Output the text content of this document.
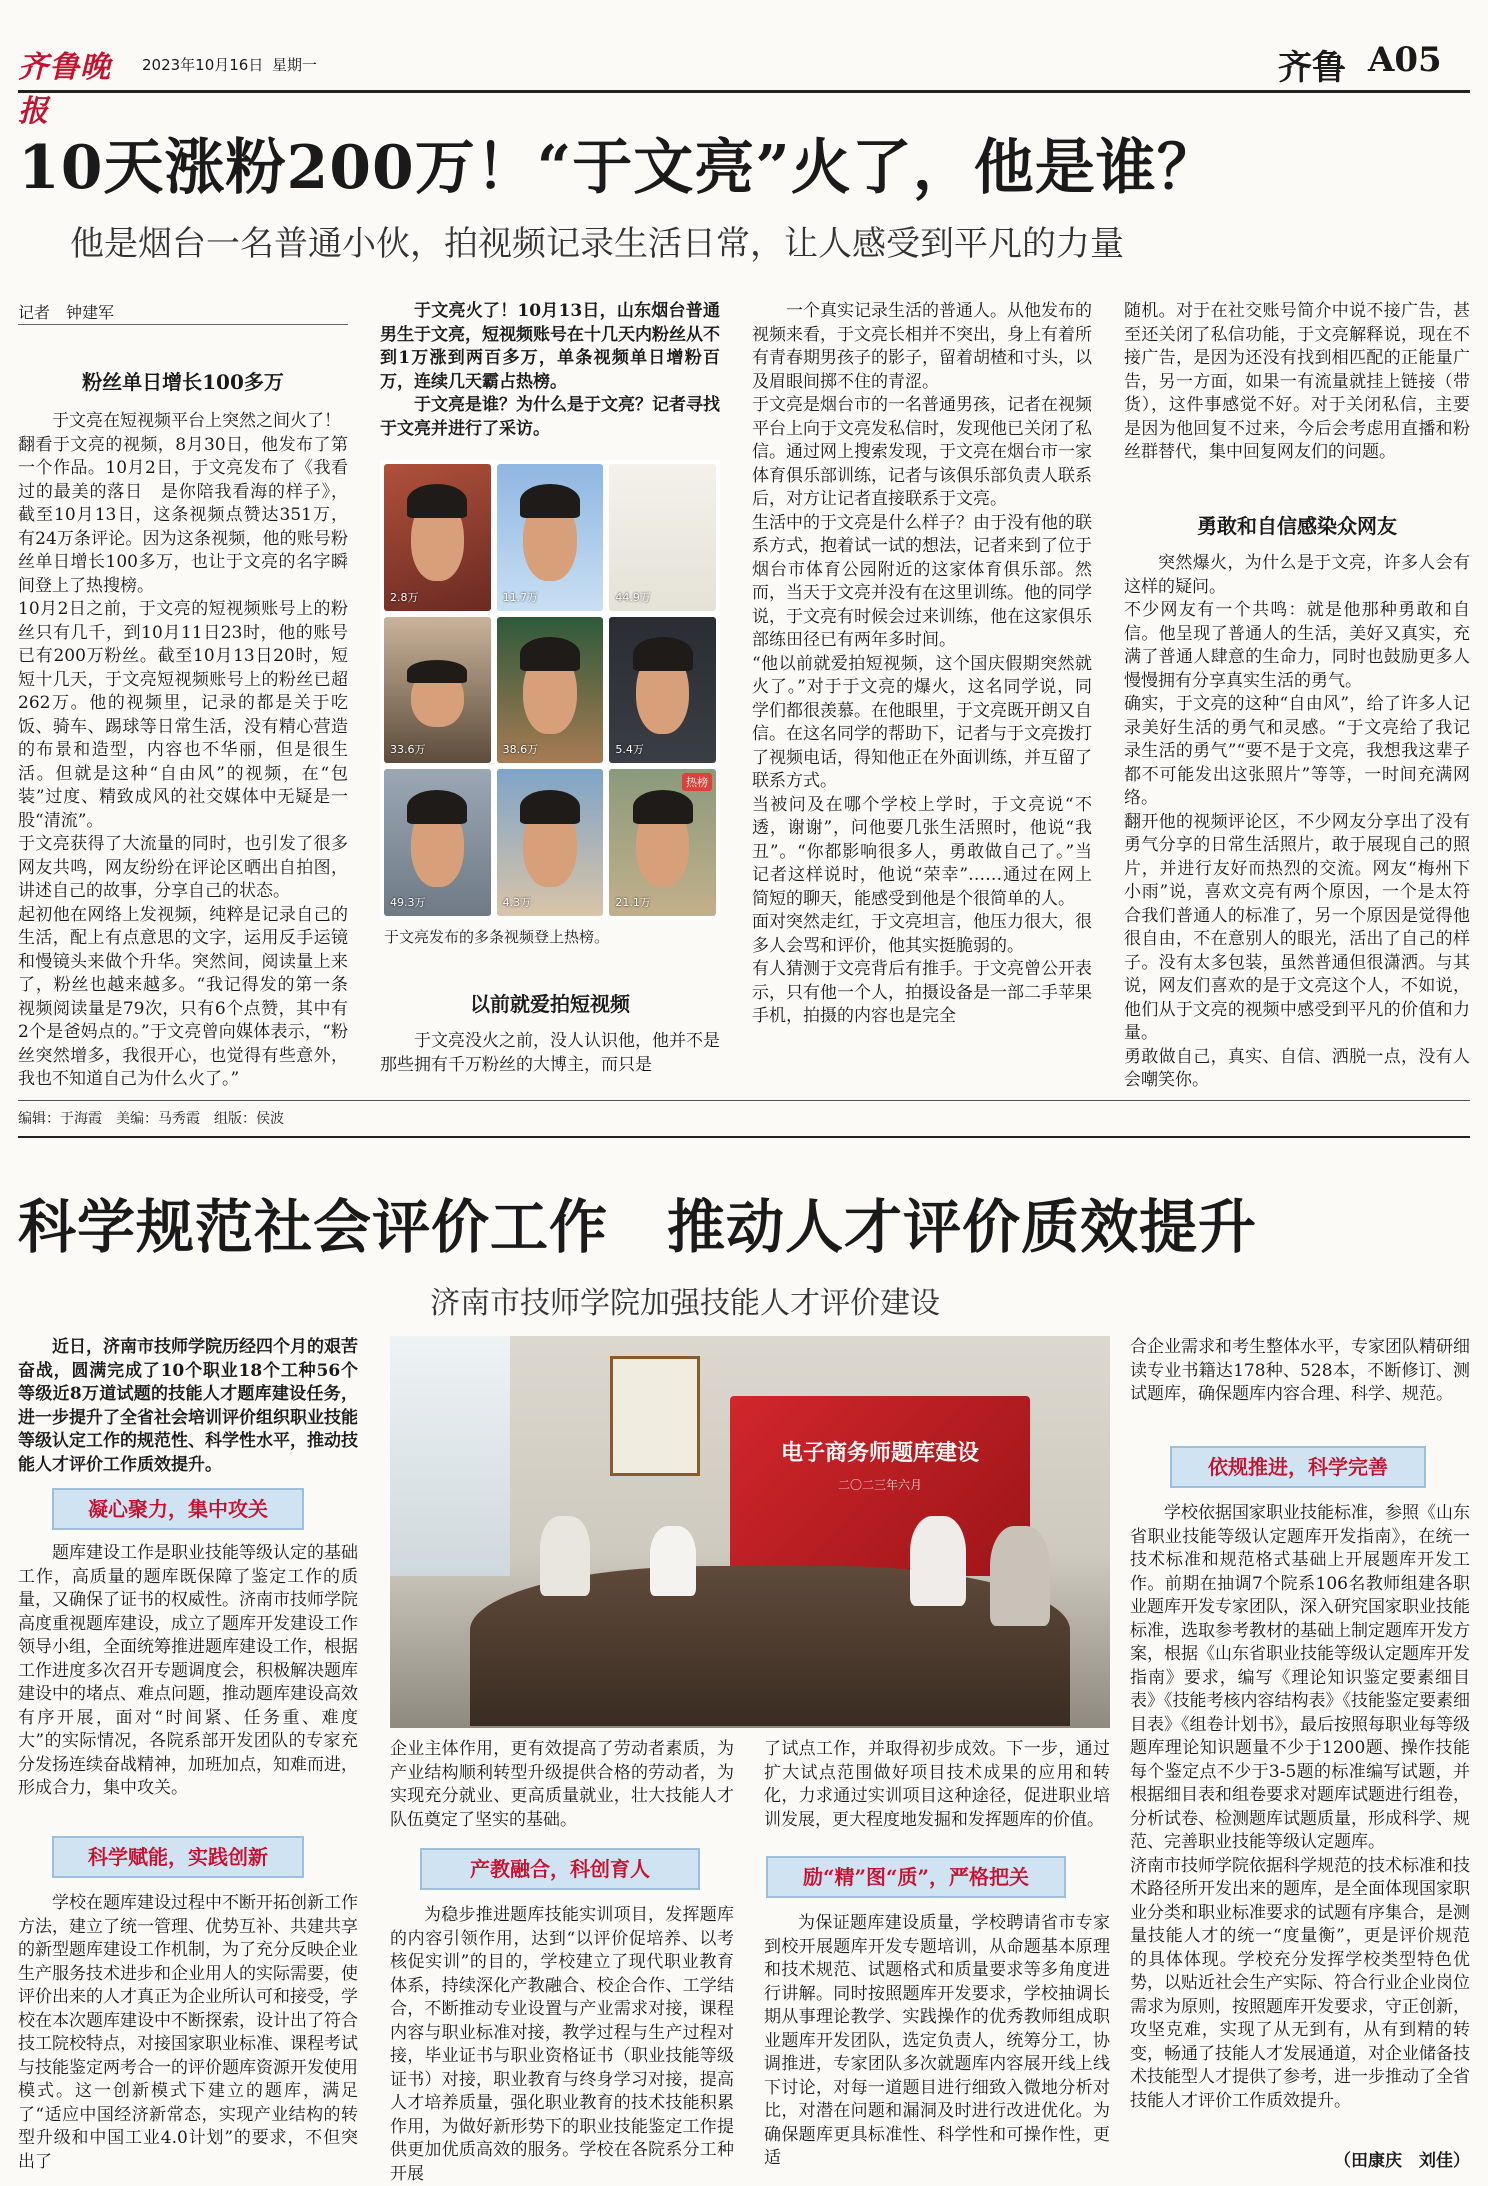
齐鲁晚报
2023年10月16日 星期一	齐鲁 A05
10天涨粉200万！“于文亮”火了，他是谁？
他是烟台一名普通小伙，拍视频记录生活日常，让人感受到平凡的力量
记者　钟建军
粉丝单日增长100多万
于文亮在短视频平台上突然之间火了！
翻看于文亮的视频，8月30日，他发布了第一个作品。10月2日，于文亮发布了《我看过的最美的落日　是你陪我看海的样子》，截至10月13日，这条视频点赞达351万，有24万条评论。因为这条视频，他的账号粉丝单日增长100多万，也让于文亮的名字瞬间登上了热搜榜。
10月2日之前，于文亮的短视频账号上的粉丝只有几千，到10月11日23时，他的账号已有200万粉丝。截至10月13日20时，短短十几天，于文亮短视频账号上的粉丝已超262万。他的视频里，记录的都是关于吃饭、骑车、踢球等日常生活，没有精心营造的布景和造型，内容也不华丽，但是很生活。但就是这种“自由风”的视频，在“包装”过度、精致成风的社交媒体中无疑是一股“清流”。
于文亮获得了大流量的同时，也引发了很多网友共鸣，网友纷纷在评论区晒出自拍图，讲述自己的故事，分享自己的状态。
起初他在网络上发视频，纯粹是记录自己的生活，配上有点意思的文字，运用反手运镜和慢镜头来做个升华。突然间，阅读量上来了，粉丝也越来越多。“我记得发的第一条视频阅读量是79次，只有6个点赞，其中有2个是爸妈点的。”于文亮曾向媒体表示，“粉丝突然增多，我很开心，也觉得有些意外，我也不知道自己为什么火了。”
于文亮火了！10月13日，山东烟台普通男生于文亮，短视频账号在十几天内粉丝从不到1万涨到两百多万，单条视频单日增粉百万，连续几天霸占热榜。
　　于文亮是谁？为什么是于文亮？记者寻找于文亮并进行了采访。
2.8万	11.7万	44.9万
33.6万	38.6万	5.4万
49.3万	4.3万
热榜
21.1万
于文亮发布的多条视频登上热榜。
以前就爱拍短视频
于文亮没火之前，没人认识他，他并不是那些拥有千万粉丝的大博主，而只是
一个真实记录生活的普通人。从他发布的视频来看，于文亮长相并不突出，身上有着所有青春期男孩子的影子，留着胡楂和寸头，以及眉眼间掷不住的青涩。
于文亮是烟台市的一名普通男孩，记者在视频平台上向于文亮发私信时，发现他已关闭了私信。通过网上搜索发现，于文亮在烟台市一家体育俱乐部训练，记者与该俱乐部负责人联系后，对方让记者直接联系于文亮。
生活中的于文亮是什么样子？由于没有他的联系方式，抱着试一试的想法，记者来到了位于烟台市体育公园附近的这家体育俱乐部。然而，当天于文亮并没有在这里训练。他的同学说，于文亮有时候会过来训练，他在这家俱乐部练田径已有两年多时间。
“他以前就爱拍短视频，这个国庆假期突然就火了。”对于于文亮的爆火，这名同学说，同学们都很羡慕。在他眼里，于文亮既开朗又自信。在这名同学的帮助下，记者与于文亮拨打了视频电话，得知他正在外面训练，并互留了联系方式。
当被问及在哪个学校上学时，于文亮说“不透，谢谢”，问他要几张生活照时，他说“我丑”。“你都影响很多人，勇敢做自己了。”当记者这样说时，他说“荣幸”……通过在网上简短的聊天，能感受到他是个很简单的人。
面对突然走红，于文亮坦言，他压力很大，很多人会骂和评价，他其实挺脆弱的。
有人猜测于文亮背后有推手。于文亮曾公开表示，只有他一个人，拍摄设备是一部二手苹果手机，拍摄的内容也是完全
随机。对于在社交账号简介中说不接广告，甚至还关闭了私信功能，于文亮解释说，现在不接广告，是因为还没有找到相匹配的正能量广告，另一方面，如果一有流量就挂上链接（带货），这件事感觉不好。对于关闭私信，主要是因为他回复不过来，今后会考虑用直播和粉丝群替代，集中回复网友们的问题。
勇敢和自信感染众网友
突然爆火，为什么是于文亮，许多人会有这样的疑问。
不少网友有一个共鸣：就是他那种勇敢和自信。他呈现了普通人的生活，美好又真实，充满了普通人肆意的生命力，同时也鼓励更多人慢慢拥有分享真实生活的勇气。
确实，于文亮的这种“自由风”，给了许多人记录美好生活的勇气和灵感。“于文亮给了我记录生活的勇气”“要不是于文亮，我想我这辈子都不可能发出这张照片”等等，一时间充满网络。
翻开他的视频评论区，不少网友分享出了没有勇气分享的日常生活照片，敢于展现自己的照片，并进行友好而热烈的交流。网友“梅州下小雨”说，喜欢文亮有两个原因，一个是太符合我们普通人的标准了，另一个原因是觉得他很自由，不在意别人的眼光，活出了自己的样子。没有太多包装，虽然普通但很潇洒。与其说，网友们喜欢的是于文亮这个人，不如说，他们从于文亮的视频中感受到平凡的价值和力量。
勇敢做自己，真实、自信、洒脱一点，没有人会嘲笑你。
编辑：于海霞　美编：马秀霞　组版：侯波
科学规范社会评价工作　推动人才评价质效提升
济南市技师学院加强技能人才评价建设
近日，济南市技师学院历经四个月的艰苦奋战，圆满完成了10个职业18个工种56个等级近8万道试题的技能人才题库建设任务，进一步提升了全省社会培训评价组织职业技能等级认定工作的规范性、科学性水平，推动技能人才评价工作质效提升。
凝心聚力，集中攻关
题库建设工作是职业技能等级认定的基础工作，高质量的题库既保障了鉴定工作的质量，又确保了证书的权威性。济南市技师学院高度重视题库建设，成立了题库开发建设工作领导小组，全面统筹推进题库建设工作，根据工作进度多次召开专题调度会，积极解决题库建设中的堵点、难点问题，推动题库建设高效有序开展，面对“时间紧、任务重、难度大”的实际情况，各院系部开发团队的专家充分发扬连续奋战精神，加班加点，知难而进，形成合力，集中攻关。
科学赋能，实践创新
学校在题库建设过程中不断开拓创新工作方法，建立了统一管理、优势互补、共建共享的新型题库建设工作机制，为了充分反映企业生产服务技术进步和企业用人的实际需要，使评价出来的人才真正为企业所认可和接受，学校在本次题库建设中不断探索，设计出了符合技工院校特点，对接国家职业标准、课程考试与技能鉴定两考合一的评价题库资源开发使用模式。这一创新模式下建立的题库，满足了“适应中国经济新常态，实现产业结构的转型升级和中国工业4.0计划”的要求，不但突出了
电子商务师题库建设
二〇二三年六月
企业主体作用，更有效提高了劳动者素质，为产业结构顺利转型升级提供合格的劳动者，为实现充分就业、更高质量就业，壮大技能人才队伍奠定了坚实的基础。
产教融合，科创育人
为稳步推进题库技能实训项目，发挥题库的内容引领作用，达到“以评价促培养、以考核促实训”的目的，学校建立了现代职业教育体系，持续深化产教融合、校企合作、工学结合，不断推动专业设置与产业需求对接，课程内容与职业标准对接，教学过程与生产过程对接，毕业证书与职业资格证书（职业技能等级证书）对接，职业教育与终身学习对接，提高人才培养质量，强化职业教育的技术技能积累作用，为做好新形势下的职业技能鉴定工作提供更加优质高效的服务。学校在各院系分工种开展
了试点工作，并取得初步成效。下一步，通过扩大试点范围做好项目技术成果的应用和转化，力求通过实训项目这种途径，促进职业培训发展，更大程度地发掘和发挥题库的价值。
励“精”图“质”，严格把关
为保证题库建设质量，学校聘请省市专家到校开展题库开发专题培训，从命题基本原理和技术规范、试题格式和质量要求等多角度进行讲解。同时按照题库开发要求，学校抽调长期从事理论教学、实践操作的优秀教师组成职业题库开发团队，选定负责人，统筹分工，协调推进，专家团队多次就题库内容展开线上线下讨论，对每一道题目进行细致入微地分析对比，对潜在问题和漏洞及时进行改进优化。为确保题库更具标准性、科学性和可操作性，更适
合企业需求和考生整体水平，专家团队精研细读专业书籍达178种、528本，不断修订、测试题库，确保题库内容合理、科学、规范。
依规推进，科学完善
学校依据国家职业技能标准，参照《山东省职业技能等级认定题库开发指南》，在统一技术标准和规范格式基础上开展题库开发工作。前期在抽调7个院系106名教师组建各职业题库开发专家团队，深入研究国家职业技能标准，选取参考教材的基础上制定题库开发方案，根据《山东省职业技能等级认定题库开发指南》要求，编写《理论知识鉴定要素细目表》《技能考核内容结构表》《技能鉴定要素细目表》《组卷计划书》，最后按照每职业每等级题库理论知识题量不少于1200题、操作技能每个鉴定点不少于3-5题的标准编写试题，并根据细目表和组卷要求对题库试题进行组卷，分析试卷、检测题库试题质量，形成科学、规范、完善职业技能等级认定题库。
济南市技师学院依据科学规范的技术标准和技术路径所开发出来的题库，是全面体现国家职业分类和职业标准要求的试题有序集合，是测量技能人才的统一“度量衡”，更是评价规范的具体体现。学校充分发挥学校类型特色优势，以贴近社会生产实际、符合行业企业岗位需求为原则，按照题库开发要求，守正创新，攻坚克难，实现了从无到有，从有到精的转变，畅通了技能人才发展通道，对企业储备技术技能型人才提供了参考，进一步推动了全省技能人才评价工作质效提升。
（田康庆　刘佳）
